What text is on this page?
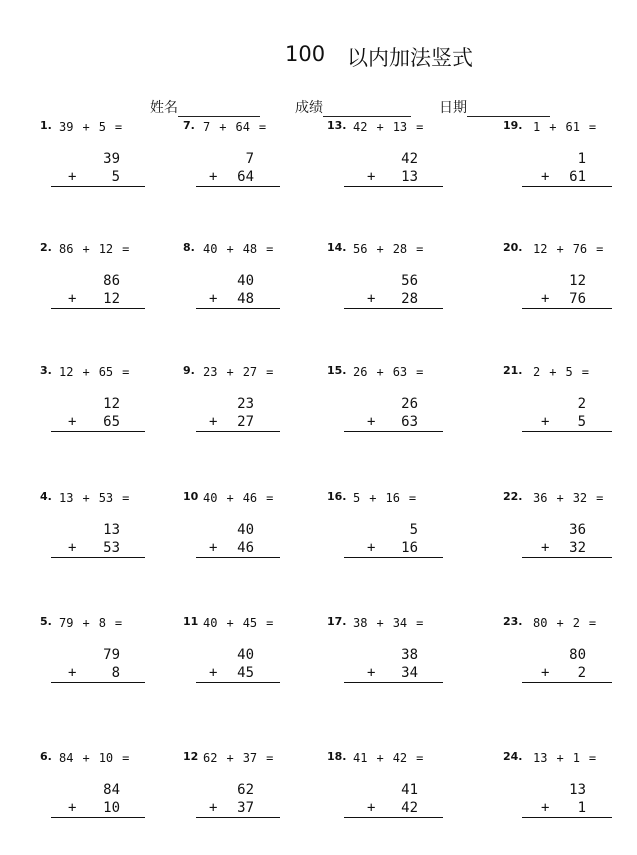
100 以内加法竖式
姓名	成绩	日期
1. 39 + 5 =
39
+	5
2. 86 + 12 =
86
+	12
3. 12 + 65 =
12
+	65
4. 13 + 53 =
13
+	53
5. 79 + 8 =
79
+	8
6. 84 + 10 =
84
+	10
7. 7 + 64 =
7
+	64
8. 40 + 48 =
40
+	48
9. 23 + 27 =
23
+	27
10 40 + 46 =
40
+	46
11 40 + 45 =
40
+	45
12 62 + 37 =
62
+	37
13. 42 + 13 =
42
+	13
14. 56 + 28 =
56
+	28
15. 26 + 63 =
26
+	63
16. 5 + 16 =
5
+	16
17. 38 + 34 =
38
+	34
18. 41 + 42 =
41
+	42
19. 1 + 61 =
1
+	61
20. 12 + 76 =
12
+	76
21. 2 + 5 =
2
+	5
22. 36 + 32 =
36
+	32
23. 80 + 2 =
80
+	2
24. 13 + 1 =
13
+	1
